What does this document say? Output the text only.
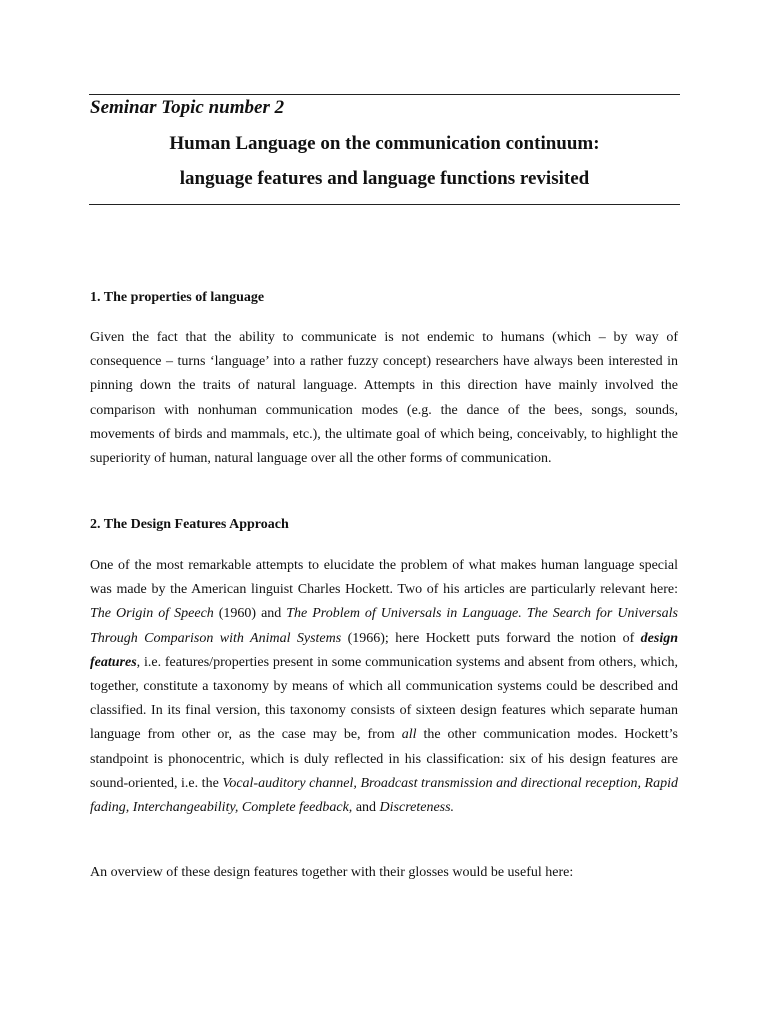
Seminar Topic number 2
Human Language on the communication continuum:
language features and language functions revisited
1. The properties of language

Given the fact that the ability to communicate is not endemic to humans (which – by way of consequence – turns ‘language’ into a rather fuzzy concept) researchers have always been interested in pinning down the traits of natural language. Attempts in this direction have mainly involved the comparison with nonhuman communication modes (e.g. the dance of the bees, songs, sounds, movements of birds and mammals, etc.), the ultimate goal of which being, conceivably, to highlight the superiority of human, natural language over all the other forms of communication.

2. The Design Features Approach

One of the most remarkable attempts to elucidate the problem of what makes human language special was made by the American linguist Charles Hockett. Two of his articles are particularly relevant here: The Origin of Speech (1960) and The Problem of Universals in Language. The Search for Universals Through Comparison with Animal Systems (1966); here Hockett puts forward the notion of design features, i.e. features/properties present in some communication systems and absent from others, which, together, constitute a taxonomy by means of which all communication systems could be described and classified. In its final version, this taxonomy consists of sixteen design features which separate human language from other or, as the case may be, from all the other communication modes. Hockett’s standpoint is phonocentric, which is duly reflected in his classification: six of his design features are sound-oriented, i.e. the Vocal-auditory channel, Broadcast transmission and directional reception, Rapid fading, Interchangeability, Complete feedback, and Discreteness.

An overview of these design features together with their glosses would be useful here:
